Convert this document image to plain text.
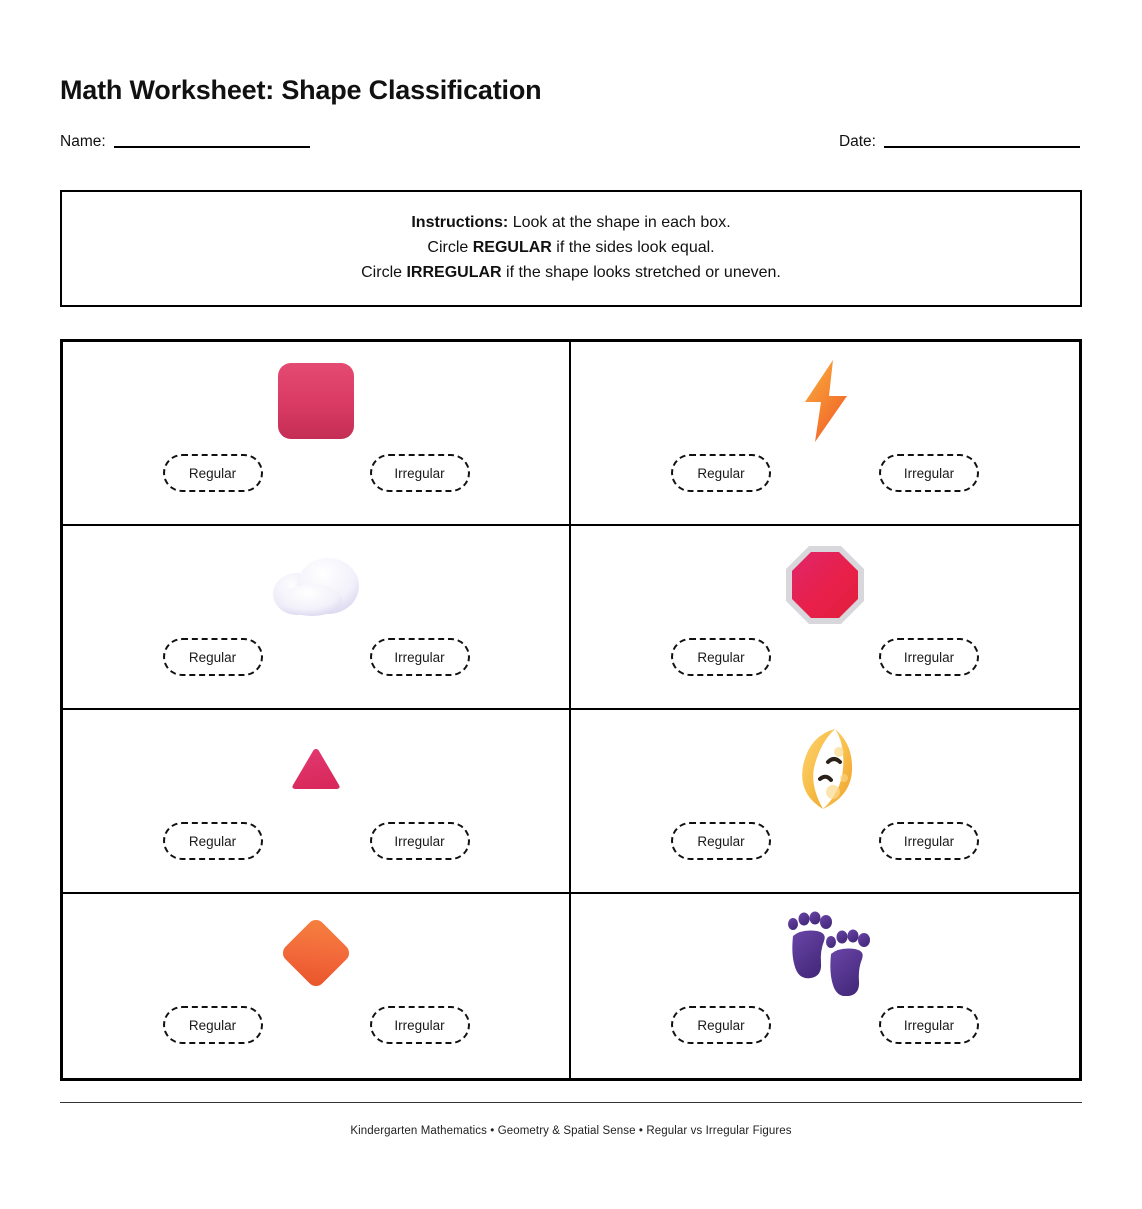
Math Worksheet: Shape Classification
Name:	Date:
Instructions: Look at the shape in each box.
Circle REGULAR if the sides look equal.
Circle IRREGULAR if the shape looks stretched or uneven.
Regular	Irregular	Regular	Irregular
Regular	Irregular	Regular	Irregular
Regular	Irregular	Regular	Irregular
Regular	Irregular	Regular	Irregular
Kindergarten Mathematics • Geometry & Spatial Sense • Regular vs Irregular Figures
